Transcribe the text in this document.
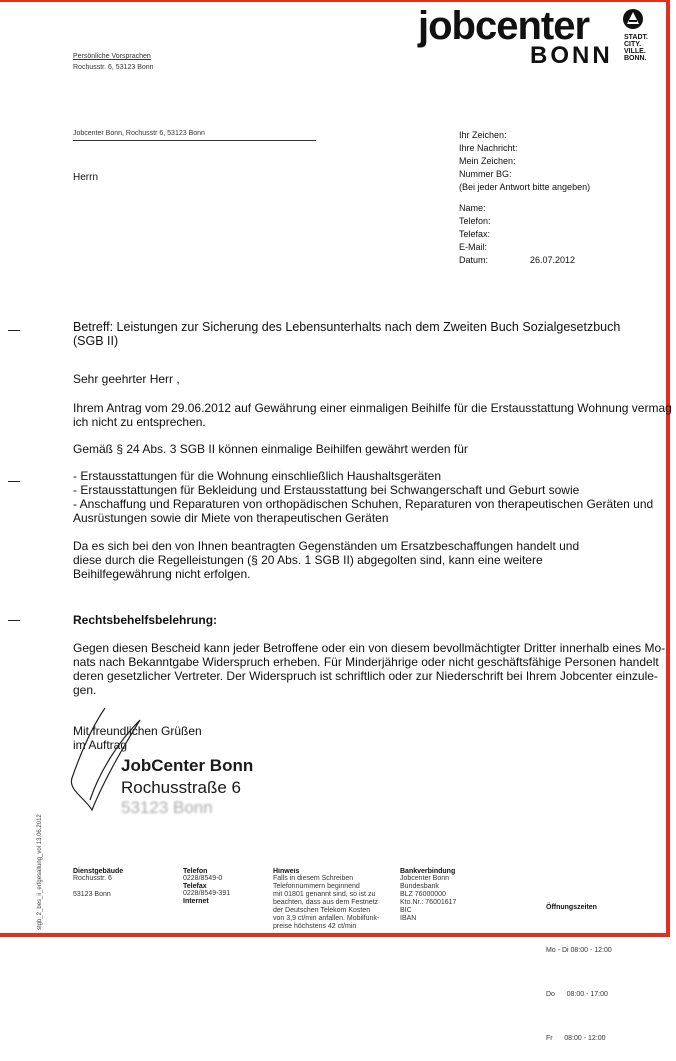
jobcenter
BONN
STADT.
CITY.
VILLE.
BONN.
Persönliche Vorsprachen
Rochusstr. 6, 53123 Bonn
Jobcenter Bonn, Rochusstr 6, 53123 Bonn
Herrn
Ihr Zeichen:
Ihre Nachricht:
Mein Zeichen:
Nummer BG:
(Bei jeder Antwort bitte angeben)
Name:
Telefon:
Telefax:
E-Mail:
Datum:	26.07.2012
Betreff: Leistungen zur Sicherung des Lebensunterhalts nach dem Zweiten Buch Sozialgesetzbuch
(SGB II)
Sehr geehrter Herr ,
Ihrem Antrag vom 29.06.2012 auf Gewährung einer einmaligen Beihilfe für die Erstausstattung Wohnung vermag
ich nicht zu entsprechen.
Gemäß § 24 Abs. 3 SGB II können einmalige Beihilfen gewährt werden für
- Erstausstattungen für die Wohnung einschließlich Haushaltsgeräten
- Erstausstattungen für Bekleidung und Erstausstattung bei Schwangerschaft und Geburt sowie
- Anschaffung und Reparaturen von orthopädischen Schuhen, Reparaturen von therapeutischen Geräten und
Ausrüstungen sowie dir Miete von therapeutischen Geräten
Da es sich bei den von Ihnen beantragten Gegenständen um Ersatzbeschaffungen handelt und
diese durch die Regelleistungen (§ 20 Abs. 1 SGB II) abgegolten sind, kann eine weitere
Beihilfegewährung nicht erfolgen.
Rechtsbehelfsbelehrung:
Gegen diesen Bescheid kann jeder Betroffene oder ein von diesem bevollmächtigter Dritter innerhalb eines Mo-
nats nach Bekanntgabe Widerspruch erheben. Für Minderjährige oder nicht geschäftsfähige Personen handelt
deren gesetzlicher Vertreter. Der Widerspruch ist schriftlich oder zur Niederschrift bei Ihrem Jobcenter einzule-
gen.
Mit freundlichen Grüßen
im Auftrag
JobCenter Bonn
Rochusstraße 6
53123 Bonn
stgb_2_bes_ii_erfgesallung_vol 13.06.2012	Dienstgebäude
Rochusstr. 6
53123 Bonn
Telefon
0228/8549-0
Telefax
0228/8549-391
Internet
Hinweis
Falls in diesem Schreiben
Telefonnummern beginnend
mit 01801 genannt sind, so ist zu
beachten, dass aus dem Festnetz
der Deutschen Telekom Kosten
von 3,9 ct/min anfallen. Mobilfunk-
preise höchstens 42 ct/min
Bankverbindung
Jobcenter Bonn
Bundesbank
BLZ 76000000
Kto.Nr.: 76001617
BIC
IBAN

Öffnungszeiten

Mo - Di 08:00 - 12:00

Do      08:00 - 17:00

Fr      08:00 - 12:00
